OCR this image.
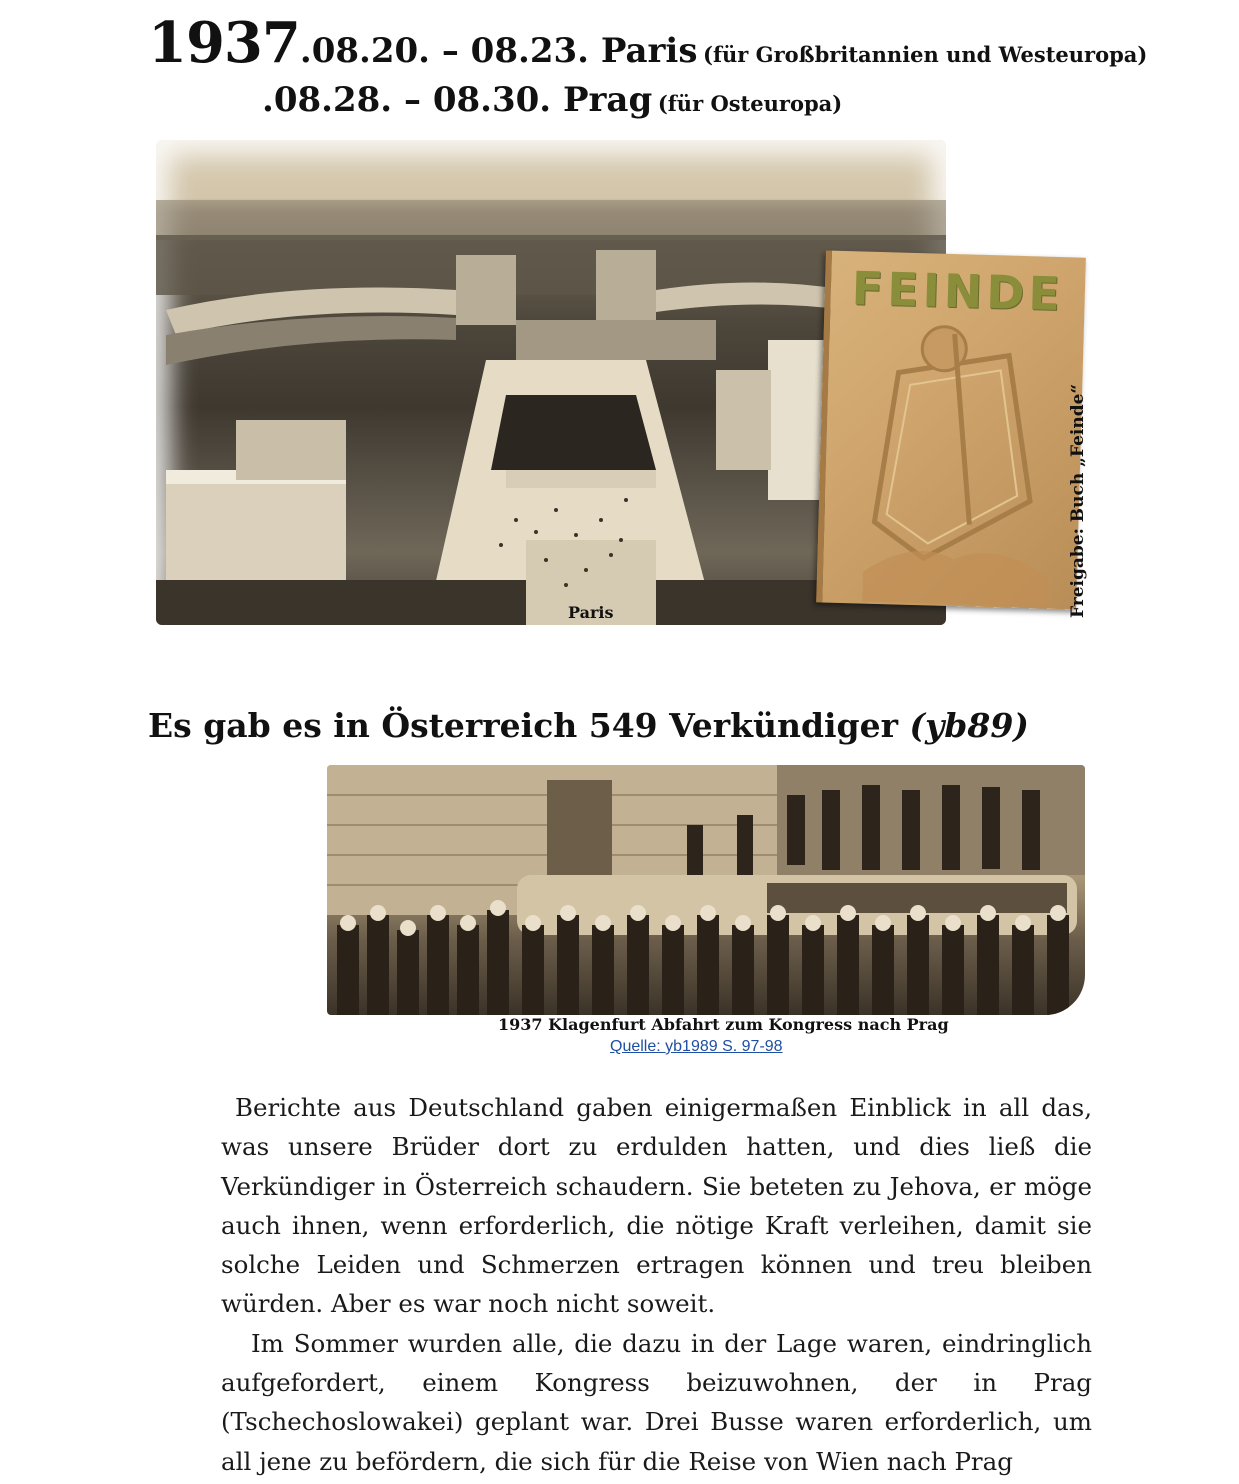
1937.08.20. – 08.23. Paris (für Großbritannien und Westeuropa)
.08.28. – 08.30. Prag (für Osteuropa)
Paris
FEINDE
Freigabe: Buch „Feinde“
Es gab es in Österreich 549 Verkündiger (yb89)
1937 Klagenfurt Abfahrt zum Kongress nach Prag
Quelle: yb1989 S. 97-98

Berichte aus Deutschland gaben einigermaßen Einblick in all das, was unsere Brüder dort zu erdulden hatten, und dies ließ die Verkündiger in Österreich schaudern. Sie beteten zu Jehova, er möge auch ihnen, wenn erforderlich, die nötige Kraft verleihen, damit sie solche Leiden und Schmerzen ertragen können und treu bleiben würden. Aber es war noch nicht soweit.

Im Sommer wurden alle, die dazu in der Lage waren, eindringlich aufgefordert, einem Kongress beizuwohnen, der in Prag (Tschechoslowakei) geplant war. Drei Busse waren erforderlich, um all jene zu befördern, die sich für die Reise von Wien nach Prag
